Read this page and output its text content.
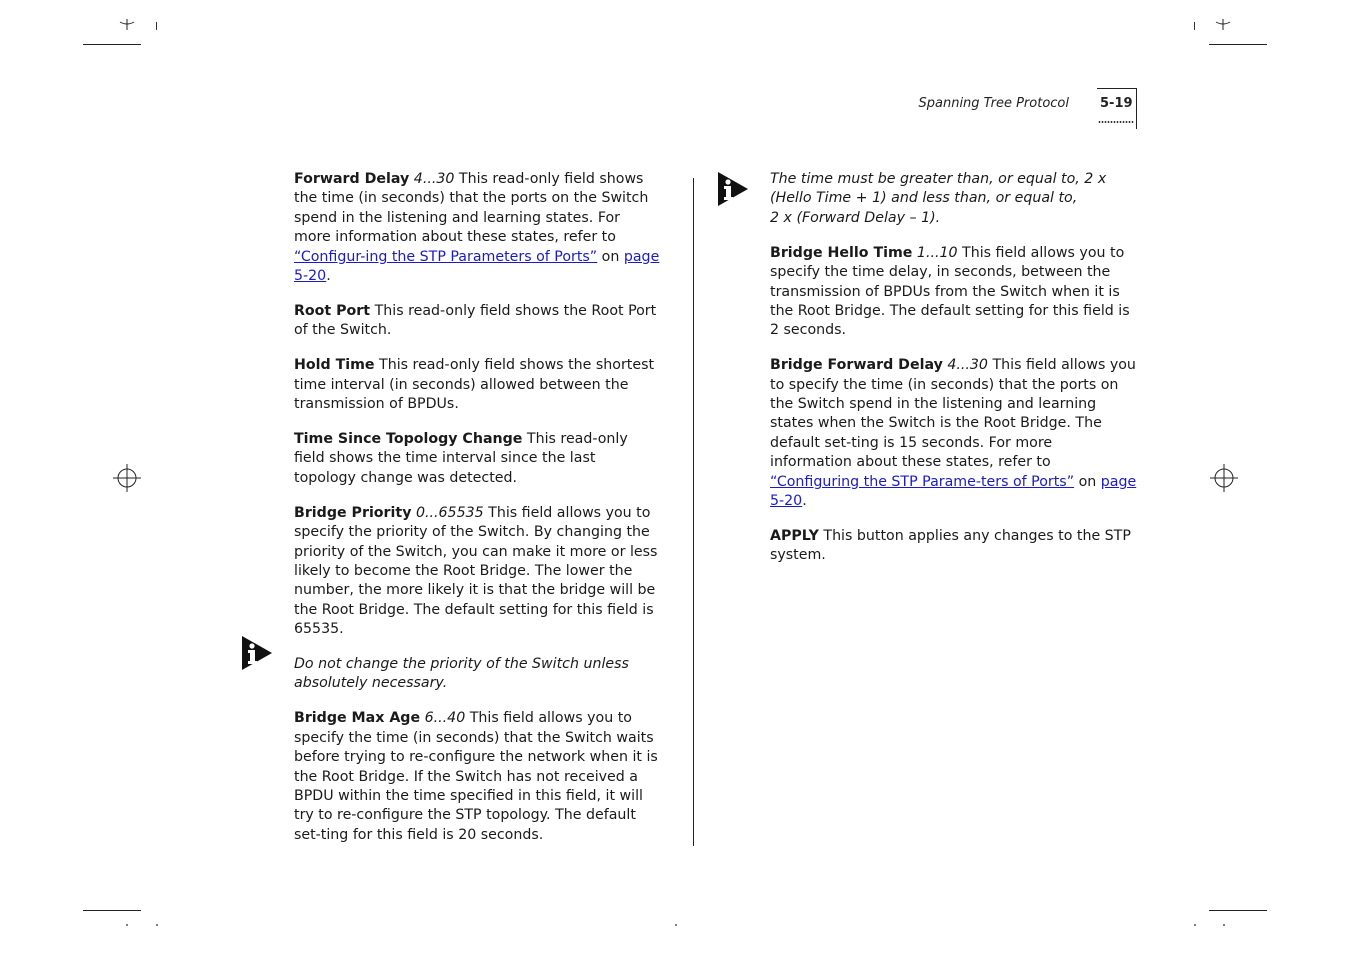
Spanning Tree Protocol 5-19

Forward Delay 4...30 This read-only field shows the time (in seconds) that the ports on the Switch spend in the listening and learning states. For more information about these states, refer to “Configur-ing the STP Parameters of Ports” on page 5-20.

Root Port This read-only field shows the Root Port of the Switch.

Hold Time This read-only field shows the shortest time interval (in seconds) allowed between the transmission of BPDUs.

Time Since Topology Change This read-only field shows the time interval since the last topology change was detected.

Bridge Priority 0...65535 This field allows you to specify the priority of the Switch. By changing the priority of the Switch, you can make it more or less likely to become the Root Bridge. The lower the number, the more likely it is that the bridge will be the Root Bridge. The default setting for this field is 65535.

Do not change the priority of the Switch unless absolutely necessary.

Bridge Max Age 6...40 This field allows you to specify the time (in seconds) that the Switch waits before trying to re-configure the network when it is the Root Bridge. If the Switch has not received a BPDU within the time specified in this field, it will try to re-configure the STP topology. The default set-ting for this field is 20 seconds.

The time must be greater than, or equal to, 2 x
(Hello Time + 1) and less than, or equal to,
2 x (Forward Delay – 1).

Bridge Hello Time 1...10 This field allows you to specify the time delay, in seconds, between the transmission of BPDUs from the Switch when it is the Root Bridge. The default setting for this field is 2 seconds.

Bridge Forward Delay 4...30 This field allows you to specify the time (in seconds) that the ports on the Switch spend in the listening and learning states when the Switch is the Root Bridge. The default set-ting is 15 seconds. For more information about these states, refer to “Configuring the STP Parame-ters of Ports” on page 5-20.

APPLY This button applies any changes to the STP system.
